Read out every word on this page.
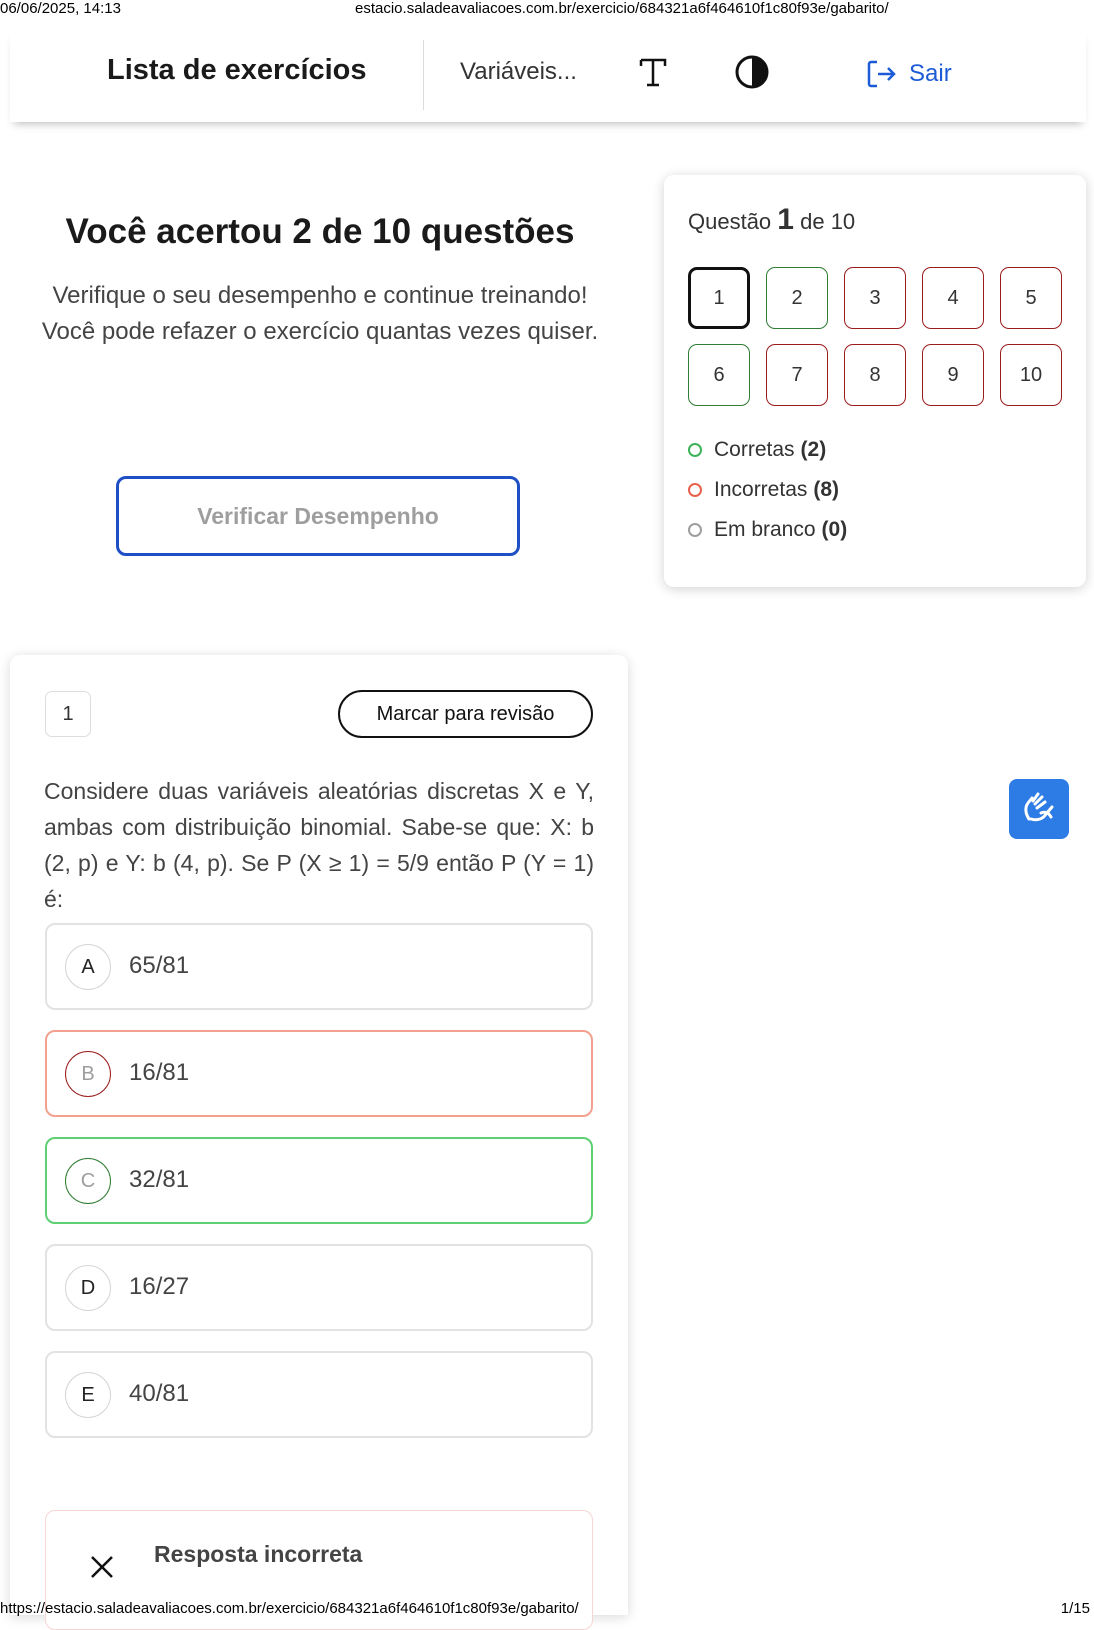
06/06/2025, 14:13	estacio.saladeavaliacoes.com.br/exercicio/684321a6f464610f1c80f93e/gabarito/
Lista de exercícios	Variáveis...	Sair

Você acertou 2 de 10 questões

Verifique o seu desempenho e continue treinando! Você pode refazer o exercício quantas vezes quiser.

Verificar Desempenho
Questão 1 de 10
1	2	3	4	5
6	7	8	9	10
Corretas (2)
Incorretas (8)
Em branco (0)
1	Marcar para revisão
Considere duas variáveis aleatórias discretas X e Y, ambas com distribuição binomial. Sabe-se que: X: b (2, p) e Y: b (4, p). Se P (X ≥ 1) = 5/9 então P (Y = 1) é:
A	65/81
B	16/81
C	32/81
D	16/27
E	40/81
Resposta incorreta
https://estacio.saladeavaliacoes.com.br/exercicio/684321a6f464610f1c80f93e/gabarito/	1/15
